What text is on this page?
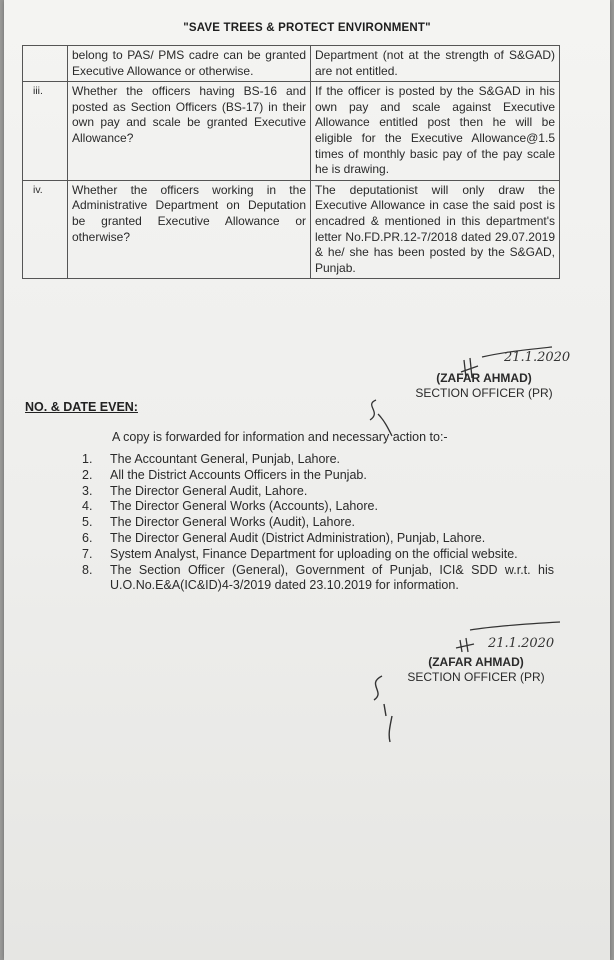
"SAVE TREES & PROTECT ENVIRONMENT"
	belong to PAS/ PMS cadre can be granted Executive Allowance or otherwise.	Department (not at the strength of S&GAD) are not entitled.
iii.	Whether the officers having BS-16 and posted as Section Officers (BS-17) in their own pay and scale be granted Executive Allowance?	If the officer is posted by the S&GAD in his own pay and scale against Executive Allowance entitled post then he will be eligible for the Executive Allowance@1.5 times of monthly basic pay of the pay scale he is drawing.
iv.	Whether the officers working in the Administrative Department on Deputation be granted Executive Allowance or otherwise?	The deputationist will only draw the Executive Allowance in case the said post is encadred & mentioned in this department's letter No.FD.PR.12-7/2018 dated 29.07.2019 & he/ she has been posted by the S&GAD, Punjab.
21.1.2020
(ZAFAR AHMAD)
SECTION OFFICER (PR)
NO. & DATE EVEN:
A copy is forwarded for information and necessary action to:-
1. The Accountant General, Punjab, Lahore.
2. All the District Accounts Officers in the Punjab.
3. The Director General Audit, Lahore.
4. The Director General Works (Accounts), Lahore.
5. The Director General Works (Audit), Lahore.
6. The Director General Audit (District Administration), Punjab, Lahore.
7. System Analyst, Finance Department for uploading on the official website.
8. The Section Officer (General), Government of Punjab, ICI& SDD w.r.t. his U.O.No.E&A(IC&ID)4-3/2019 dated 23.10.2019 for information.
21.1.2020
(ZAFAR AHMAD)
SECTION OFFICER (PR)
